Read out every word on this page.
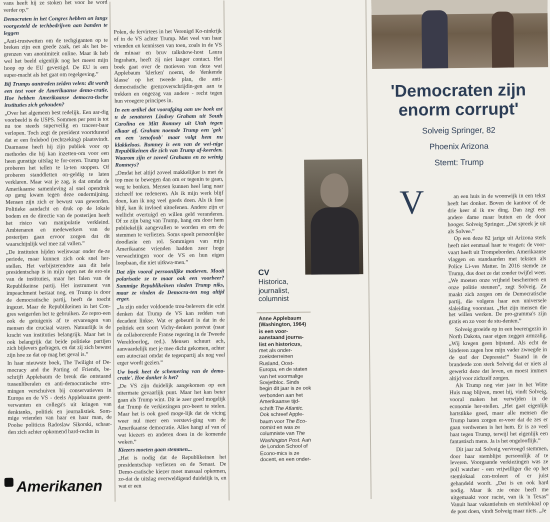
vans heeft hij ze stoken het voor he word verder op.”

Democraten in het Congres hebben on langs voorgesteld de techbedrijven aan banden te leggen

„Anti-trustwetten om de techgiganten op te breken zijn een goede zaak, net als het be-grenzen van anonimiteit online. Maar ik heb wel het beeld eigenlijk nog het meest mijn hoop op de EU gevestigd. De EU is een super-macht als het gaat om regelgeving.”

Bij Trumps aantreden zeiden velen: dit wordt een test voor de Amerikaanse demo-cratie. Hoe hebben Amerikaanse democra-tische instituties zich gehouden?

„Over het algemeen best redelijk. Een aar-dig voorbeeld is de USPS. Sommen per post is tot nu toe steeds superveilig en traceer-baar verlopen. Toch zegt de president voortdurend dat er een frelebod (rechtzeking) plaatsvindt. Daarnaase heeft hij zijn publiek voor op methodes die hij kan inzetten-om voor een heen gunstige uitslag te for-ceren. Trump kan proberen het tellen te la-ten stoppen. Of proberen standdletten on-geldig te laten verklaren. Maar wat je zag, is dat omdat de Amerikaanse samenleving al snel opendruk op gang kwam tegen deze ondermijning. Mensen zijn zich er bewust van geworden. Politieke aandacht en druk op de lokale bodem en de directie van de posterijen heeft het risico van manipulatie verkleind. Ambtenaren en medewerkers van de posterijen gaan ervoor zorgen dat dit waarschijnlijk wel mee zal vallen.”

„De instituten hijden weliswaar onder de-ze periode, maar kunnen zich ook snel her-stellen. Het verbijsterendste aan dit hele presidentschap is in mijn ogen net de ero-sie van de instituties, maar het falen van de Republikeinse partij. Het instrument van impeachment bestaat nog, en Trump is door de democratische partij, heeft de toecht ingezet. Maar de Republikeinen in het Con-gres weigerden het te gebruiken. Ze repro-een ook de getuigenis af te ervarengen van mensen die cruciaal waren. Natuurlijk is de kracht van instituties belangrijk. Maar het is ook belangrijk dat beide politieke partijen zich bijlevers gedragen, en dat zij zich bewust zijn hoe ze dat op mag het geval is.”

In haar nieuwste boek, The Twilight of De-mocracy and the Parting of Friends, be-schrijft Applebaum de breuk die ontstaand tussenliberalen en anti-democratische stro-mingen verschuiven bij conservatieven in Europa en de VS - deels Applebaums geest-verwanten en collega's uit kringen van denktanks, politiek en journalistiek. Som-mige vrienden van haar en haar man, de Poolse politicus Radoslaw Sikorski, schaar-den zich achter opkomend hard-rechts in

Polen, de fervirtees in het Verenigd Ko-ninkrijk of in de VS achter Trump. Met veel van haar vrienden en kennissen van toen, zoals in de VS de minaar en bruv talkshow-host Laura Ingraham, heeft zij niet langer contact. Het boek gaat over de motieven van deze wat Applebaum 'klerken' noemt, de 'denkende klasse' op het tweede plan, die anti-democratische grenzoverschrijdin-gen aan te trekken en ongezag van andere - recht tegen hun vroegere principes in.

In een artikel dat voorafging aan uw boek ast u de senatoren Lindsey Graham uit South Carolina en Mitt Romney uit Utah tegen elkaar af. Graham noemde Trump een 'gek' en een 'zenofoob' maar volgt hem nu klakkeloos. Romney is een van de wei-nige Republikeinen die zich van Trump af-keerden. Waarom zijn er zoveel Grahams en zo weinig Romneys?

„Omdat het altijd zoveel makkelijker is met de top mee te bewegen dan om er tegenin te gaan, weg te bonken. Mensen kunnen heel lang naar zichzelf toe redeneren. Als ik mijn werk blijf doen, kan ik nog veel goeds doen. Als ik fase blijf, kan ik invloed uitoefenen. Andere zijn er wellicht overtuigd en willen geld veranderen. Of ze zijn bang van Trump, bang om door hem publiekelijk aangevallen te worden en om de stemmen te verliezen. Soms speelt persoonlijke doodlasie een rol. Sommigen van mijn Amerikaanse vrienden hadden zeer hoge verwachtingen voor de VS en hun eigen loopbaan, die niet uitkwa-men.”

Dat zijn vooral persoonlijke motieven. Mooit polarisatie ze te maar ook een voorbeer? Sommige Republikeinen vinden Trump niks, maar ze vinden de Democra-ten nog altijd erger.

„Ja zijn onder voldoende trou-belevers die echt denken dat Trump de VS kan redden van decadent linkse. Wat er gebeurd is dat in de politiek een soort Vichy-denken postvat (naar de collaborerende Franse regering in de Tweede Wereldoorlog, red.). Mensen schuurt ach, aanvaardelijk met je mee dicht gekomen, achter een autocraat omdat de tegenpartij als nog veel erger wordt gezien.”

Uw boek heet de schemering van de demo-cratie'. Hoe donker is het?

„De VS zijn duidelijk aangekomen op een uitermate gevaarlijk punt. Maar het kan beter gaan als Trump wint. Dit ie zeer goed mogelijk dat Trump de verkiezingen pro-beert te stelen. Maar het is ook goed moge-lijk dat de vicing weer nul meer een verstevi-ging van de Amerikaanse democratie. Alles hangt af van of wat kiezers en anderen doen in de komende weken.”

Kiezers moeten gaan stemmen...

„Het is nodig dat de Republikeinen het presidentschap verliezen en de Senaat. De Demo-cratische kiezer moet massaal opkomen, zo-dat de uitslag overweldigend duidelijk is, en wat er een

CV
Historica, journalist, columnist
Anne Applebaum (Washington, 1964) is een voor-aanstaand journa-list en historicus, met als onder-zoeksterreinen Rusland, Oost-Europa, en de staten van het voormalige Sovjetbloc. Sinds begin dit jaar is ze ook verbonden aan het Amerikaanse tijd-schrift The Atlantic. Ook schreef Apple-baum voor The Eco-nomist en was ze columniste van The Washington Post. Aan de London School of Econo-mics is ze docent, en een onder-
'Democraten zijn enorm corrupt'
Solveig Springer, 82
Phoenix Arizona
Stemt: Trump
V	an een huis in de woonwijk in een tekst heeft het donker. Boven de kantoor of de drie keer al ik uw ding. Dan zegt een andere dame maar buiten en de door hooger. Solveig Springer. „Dat spreek je uit als Solvee.”

Op een deze 82 jarige uit Arizona sterk heeft niet eenmaal haar te vragen: de voor-vaart heeft uit Trompeborden. Amerikaanse vlaggen en standaarden met teksten als Police Li-ves Matter. In 2016 stemde ze Trump, dus doet ze dat zonder twijfel weer. „We moeten onze vrijheid beschermen en onze politie steunen”, zegt Solveig. Ze maakt zich zorgen om de Democratische partij, die volgens haar een universele slaleiding voorstaat. „Het zijn mensen die het willen werken. De pro-gramma's zijn gratis en zo voor de stu-denten.”

Solveig groeide op in een boerengezin in North Dakota, naar eigen zeggen armzalig. „Wij kregen geen bijstand. Als echt de kinderen zagen hoe mijn vader zwoegde in de stof der Depressie!” Staand in de branderde zon sterk Solveig dat er niets al gewerkt deze dat leven, en moest immers altijd voor zichzelf zorgen.

Als Trump nog vier jaar in het Witte Huis mag blijven, moet hij, vindt Solveig, vooral maken het verwijden in de economie her-stellen. „Het gaat eigenlijk hartstikke goed, maar alle mensen die Trump haten zorgen er-voor dat de zes er gaan verdwenen is het hem. Er is zo veel haat tegen Trump, terwijl het eigenlijk een fantastisch mens. Ja is het ongelooflijk.”

Dit jaar zal Solveig vervroegd stemmen, door haar stemblijst persoonlijk af te leveren. Voorgaande verkiezingen was ze poll watcher - een vrijwilliger die op het stemlokaal con-troleert of er juist gehandeld wordt. „Dat is en ook hard nodig. Maar ik zie onze heeft me uitgemaakt voor racist, van ik 'n Texas” Vanuit haar vakantiehuis en stemlokaal op de post doen, vindt Solveig maar niets. „Je

Amerikanen
